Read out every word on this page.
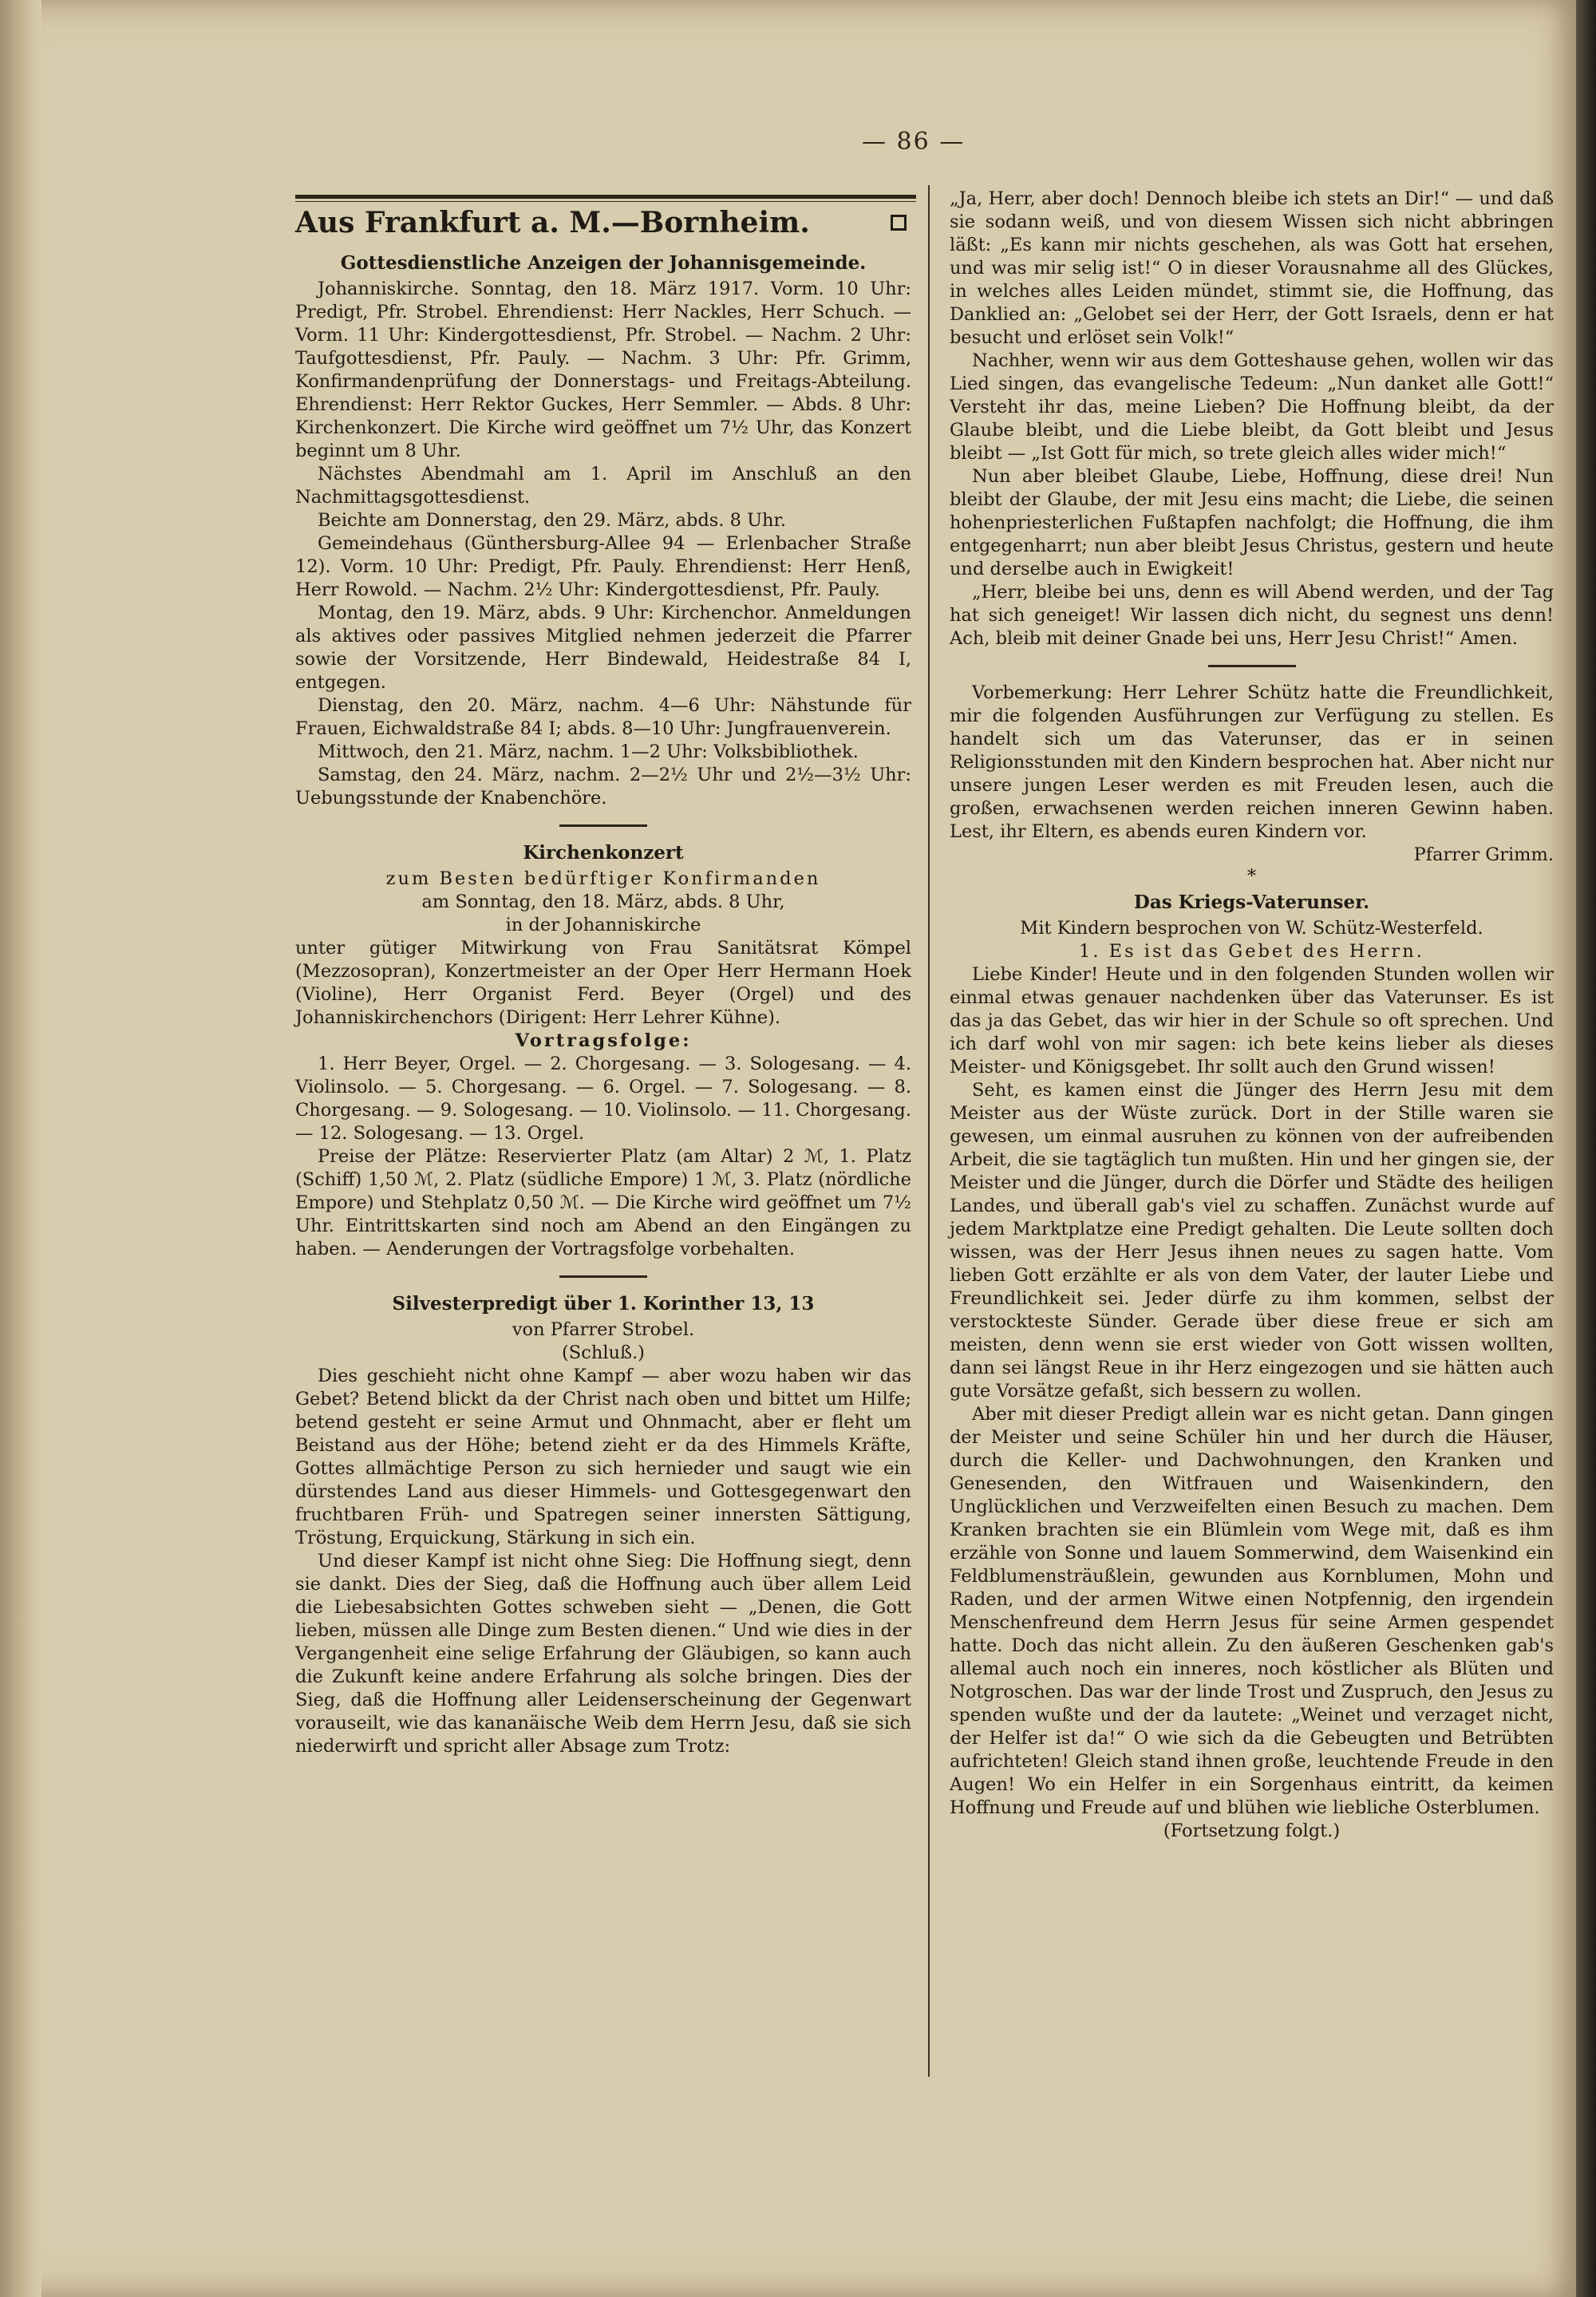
— 86 —
Aus Frankfurt a. M.—Bornheim.

Gottesdienstliche Anzeigen der Johannisgemeinde.

Johanniskirche. Sonntag, den 18. März 1917. Vorm. 10 Uhr: Predigt, Pfr. Strobel. Ehrendienst: Herr Nackles, Herr Schuch. — Vorm. 11 Uhr: Kindergottesdienst, Pfr. Strobel. — Nachm. 2 Uhr: Taufgottesdienst, Pfr. Pauly. — Nachm. 3 Uhr: Pfr. Grimm, Konfirmandenprüfung der Donnerstags- und Freitags-Abteilung. Ehrendienst: Herr Rektor Guckes, Herr Semmler. — Abds. 8 Uhr: Kirchenkonzert. Die Kirche wird geöffnet um 7½ Uhr, das Konzert beginnt um 8 Uhr.

Nächstes Abendmahl am 1. April im Anschluß an den Nachmittagsgottesdienst.

Beichte am Donnerstag, den 29. März, abds. 8 Uhr.

Gemeindehaus (Günthersburg-Allee 94 — Erlenbacher Straße 12). Vorm. 10 Uhr: Predigt, Pfr. Pauly. Ehrendienst: Herr Henß, Herr Rowold. — Nachm. 2½ Uhr: Kindergottesdienst, Pfr. Pauly.

Montag, den 19. März, abds. 9 Uhr: Kirchenchor. Anmeldungen als aktives oder passives Mitglied nehmen jederzeit die Pfarrer sowie der Vorsitzende, Herr Bindewald, Heidestraße 84 I, entgegen.

Dienstag, den 20. März, nachm. 4—6 Uhr: Nähstunde für Frauen, Eichwaldstraße 84 I; abds. 8—10 Uhr: Jungfrauenverein.

Mittwoch, den 21. März, nachm. 1—2 Uhr: Volksbibliothek.

Samstag, den 24. März, nachm. 2—2½ Uhr und 2½—3½ Uhr: Uebungsstunde der Knabenchöre.

Kirchenkonzert

zum Besten bedürftiger Konfirmanden

am Sonntag, den 18. März, abds. 8 Uhr,

in der Johanniskirche

unter gütiger Mitwirkung von Frau Sanitätsrat Kömpel (Mezzosopran), Konzertmeister an der Oper Herr Hermann Hoek (Violine), Herr Organist Ferd. Beyer (Orgel) und des Johanniskirchenchors (Dirigent: Herr Lehrer Kühne).

Vortragsfolge:

1. Herr Beyer, Orgel. — 2. Chorgesang. — 3. Sologesang. — 4. Violinsolo. — 5. Chorgesang. — 6. Orgel. — 7. Sologesang. — 8. Chorgesang. — 9. Sologesang. — 10. Violinsolo. — 11. Chorgesang. — 12. Sologesang. — 13. Orgel.

Preise der Plätze: Reservierter Platz (am Altar) 2 ℳ, 1. Platz (Schiff) 1,50 ℳ, 2. Platz (südliche Empore) 1 ℳ, 3. Platz (nördliche Empore) und Stehplatz 0,50 ℳ. — Die Kirche wird geöffnet um 7½ Uhr. Eintrittskarten sind noch am Abend an den Eingängen zu haben. — Aenderungen der Vortragsfolge vorbehalten.

Silvesterpredigt über 1. Korinther 13, 13

von Pfarrer Strobel.

(Schluß.)

Dies geschieht nicht ohne Kampf — aber wozu haben wir das Gebet? Betend blickt da der Christ nach oben und bittet um Hilfe; betend gesteht er seine Armut und Ohnmacht, aber er fleht um Beistand aus der Höhe; betend zieht er da des Himmels Kräfte, Gottes allmächtige Person zu sich hernieder und saugt wie ein dürstendes Land aus dieser Himmels- und Gottesgegenwart den fruchtbaren Früh- und Spatregen seiner innersten Sättigung, Tröstung, Erquickung, Stärkung in sich ein.

Und dieser Kampf ist nicht ohne Sieg: Die Hoffnung siegt, denn sie dankt. Dies der Sieg, daß die Hoffnung auch über allem Leid die Liebesabsichten Gottes schweben sieht — „Denen, die Gott lieben, müssen alle Dinge zum Besten dienen.“ Und wie dies in der Vergangenheit eine selige Erfahrung der Gläubigen, so kann auch die Zukunft keine andere Erfahrung als solche bringen. Dies der Sieg, daß die Hoffnung aller Leidenserscheinung der Gegenwart vorauseilt, wie das kananäische Weib dem Herrn Jesu, daß sie sich niederwirft und spricht aller Absage zum Trotz:

„Ja, Herr, aber doch! Dennoch bleibe ich stets an Dir!“ — und daß sie sodann weiß, und von diesem Wissen sich nicht abbringen läßt: „Es kann mir nichts geschehen, als was Gott hat ersehen, und was mir selig ist!“ O in dieser Vorausnahme all des Glückes, in welches alles Leiden mündet, stimmt sie, die Hoffnung, das Danklied an: „Gelobet sei der Herr, der Gott Israels, denn er hat besucht und erlöset sein Volk!“

Nachher, wenn wir aus dem Gotteshause gehen, wollen wir das Lied singen, das evangelische Tedeum: „Nun danket alle Gott!“ Versteht ihr das, meine Lieben? Die Hoffnung bleibt, da der Glaube bleibt, und die Liebe bleibt, da Gott bleibt und Jesus bleibt — „Ist Gott für mich, so trete gleich alles wider mich!“

Nun aber bleibet Glaube, Liebe, Hoffnung, diese drei! Nun bleibt der Glaube, der mit Jesu eins macht; die Liebe, die seinen hohenpriesterlichen Fußtapfen nachfolgt; die Hoffnung, die ihm entgegenharrt; nun aber bleibt Jesus Christus, gestern und heute und derselbe auch in Ewigkeit!

„Herr, bleibe bei uns, denn es will Abend werden, und der Tag hat sich geneiget! Wir lassen dich nicht, du segnest uns denn! Ach, bleib mit deiner Gnade bei uns, Herr Jesu Christ!“ Amen.

Vorbemerkung: Herr Lehrer Schütz hatte die Freundlichkeit, mir die folgenden Ausführungen zur Verfügung zu stellen. Es handelt sich um das Vaterunser, das er in seinen Religionsstunden mit den Kindern besprochen hat. Aber nicht nur unsere jungen Leser werden es mit Freuden lesen, auch die großen, erwachsenen werden reichen inneren Gewinn haben. Lest, ihr Eltern, es abends euren Kindern vor.

Pfarrer Grimm.

*

Das Kriegs-Vaterunser.

Mit Kindern besprochen von W. Schütz-Westerfeld.

1. Es ist das Gebet des Herrn.

Liebe Kinder! Heute und in den folgenden Stunden wollen wir einmal etwas genauer nachdenken über das Vaterunser. Es ist das ja das Gebet, das wir hier in der Schule so oft sprechen. Und ich darf wohl von mir sagen: ich bete keins lieber als dieses Meister- und Königsgebet. Ihr sollt auch den Grund wissen!

Seht, es kamen einst die Jünger des Herrn Jesu mit dem Meister aus der Wüste zurück. Dort in der Stille waren sie gewesen, um einmal ausruhen zu können von der aufreibenden Arbeit, die sie tagtäglich tun mußten. Hin und her gingen sie, der Meister und die Jünger, durch die Dörfer und Städte des heiligen Landes, und überall gab's viel zu schaffen. Zunächst wurde auf jedem Marktplatze eine Predigt gehalten. Die Leute sollten doch wissen, was der Herr Jesus ihnen neues zu sagen hatte. Vom lieben Gott erzählte er als von dem Vater, der lauter Liebe und Freundlichkeit sei. Jeder dürfe zu ihm kommen, selbst der verstockteste Sünder. Gerade über diese freue er sich am meisten, denn wenn sie erst wieder von Gott wissen wollten, dann sei längst Reue in ihr Herz eingezogen und sie hätten auch gute Vorsätze gefaßt, sich bessern zu wollen.

Aber mit dieser Predigt allein war es nicht getan. Dann gingen der Meister und seine Schüler hin und her durch die Häuser, durch die Keller- und Dachwohnungen, den Kranken und Genesenden, den Witfrauen und Waisenkindern, den Unglücklichen und Verzweifelten einen Besuch zu machen. Dem Kranken brachten sie ein Blümlein vom Wege mit, daß es ihm erzähle von Sonne und lauem Sommerwind, dem Waisenkind ein Feldblumensträußlein, gewunden aus Kornblumen, Mohn und Raden, und der armen Witwe einen Notpfennig, den irgendein Menschenfreund dem Herrn Jesus für seine Armen gespendet hatte. Doch das nicht allein. Zu den äußeren Geschenken gab's allemal auch noch ein inneres, noch köstlicher als Blüten und Notgroschen. Das war der linde Trost und Zuspruch, den Jesus zu spenden wußte und der da lautete: „Weinet und verzaget nicht, der Helfer ist da!“ O wie sich da die Gebeugten und Betrübten aufrichteten! Gleich stand ihnen große, leuchtende Freude in den Augen! Wo ein Helfer in ein Sorgenhaus eintritt, da keimen Hoffnung und Freude auf und blühen wie liebliche Osterblumen.

(Fortsetzung folgt.)
